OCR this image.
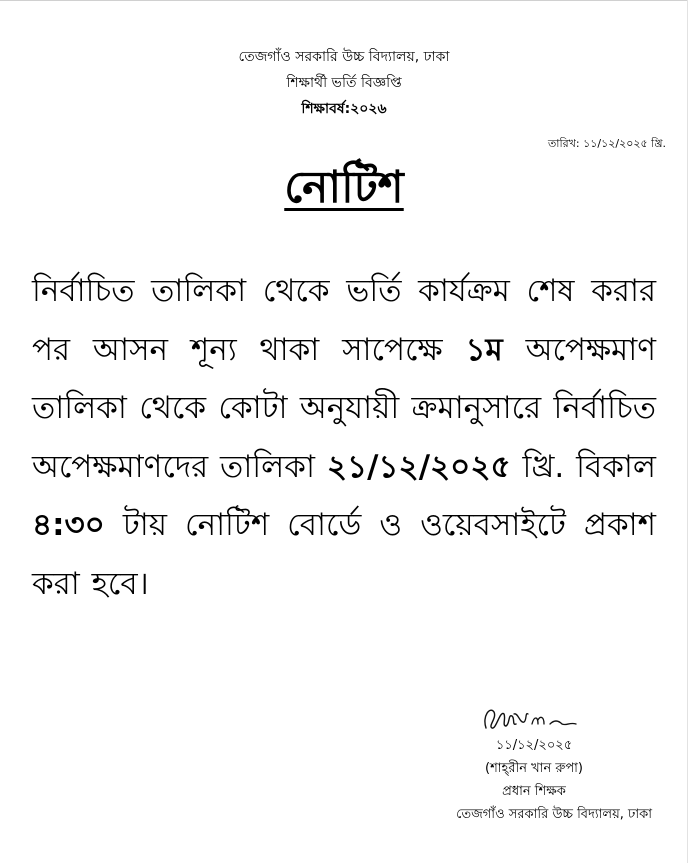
তেজগাঁও সরকারি উচ্চ বিদ্যালয়, ঢাকা
শিক্ষার্থী ভর্তি বিজ্ঞপ্তি
শিক্ষাবর্ষ:২০২৬
তারিখ: ১১/১২/২০২৫ খ্রি.
নোটিশ
নির্বাচিত তালিকা থেকে ভর্তি কার্যক্রম শেষ করার পর আসন শূন্য থাকা সাপেক্ষে ১ম অপেক্ষমাণ তালিকা থেকে কোটা অনুযায়ী ক্রমানুসারে নির্বাচিত অপেক্ষমাণদের তালিকা ২১/১২/২০২৫ খ্রি. বিকাল ৪:৩০ টায় নোটিশ বোর্ডে ও ওয়েবসাইটে প্রকাশ করা হবে।
১১/১২/২০২৫
(শাহ্‌রীন খান রুপা)
প্রধান শিক্ষক
তেজগাঁও সরকারি উচ্চ বিদ্যালয়, ঢাকা
